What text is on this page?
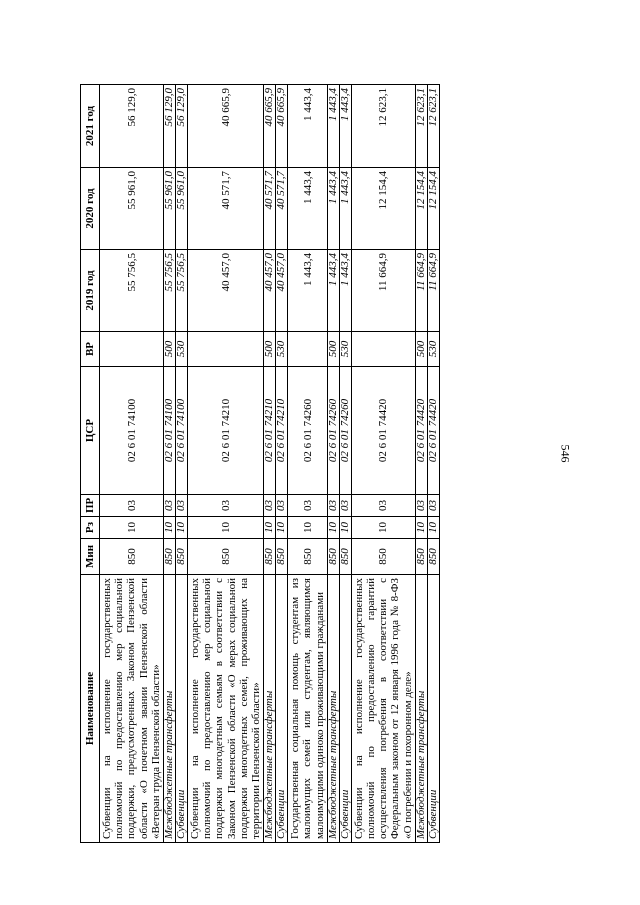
546
Наименование	Мин	Рз	ПР	ЦСР	ВР	2019 год	2020 год	2021 год
Субвенции на исполнение государственных полномочий по предоставлению мер социальной поддержки, предусмотренных Законом Пензенской области «О почетном звании Пензенской области «Ветеран труда Пензенской области»	850	10	03	02 6 01 74100		55 756,5	55 961,0	56 129,0
Межбюджетные трансферты	850	10	03	02 6 01 74100	500	55 756,5	55 961,0	56 129,0
Субвенции	850	10	03	02 6 01 74100	530	55 756,5	55 961,0	56 129,0
Субвенции на исполнение государственных полномочий по предоставлению мер социальной поддержки многодетным семьям в соответствии с Законом Пензенской области «О мерах социальной поддержки многодетных семей, проживающих на территории Пензенской области»	850	10	03	02 6 01 74210		40 457,0	40 571,7	40 665,9
Межбюджетные трансферты	850	10	03	02 6 01 74210	500	40 457,0	40 571,7	40 665,9
Субвенции	850	10	03	02 6 01 74210	530	40 457,0	40 571,7	40 665,9
Государственная социальная помощь студентам из малоимущих семей или студентам, являющимся малоимущими одиноко проживающими гражданами	850	10	03	02 6 01 74260		1 443,4	1 443,4	1 443,4
Межбюджетные трансферты	850	10	03	02 6 01 74260	500	1 443,4	1 443,4	1 443,4
Субвенции	850	10	03	02 6 01 74260	530	1 443,4	1 443,4	1 443,4
Субвенции на исполнение государственных полномочий по предоставлению гарантий осуществления погребения в соответствии с Федеральным законом от 12 января 1996 года № 8-ФЗ «О погребении и похоронном деле»	850	10	03	02 6 01 74420		11 664,9	12 154,4	12 623,1
Межбюджетные трансферты	850	10	03	02 6 01 74420	500	11 664,9	12 154,4	12 623,1
Субвенции	850	10	03	02 6 01 74420	530	11 664,9	12 154,4	12 623,1
